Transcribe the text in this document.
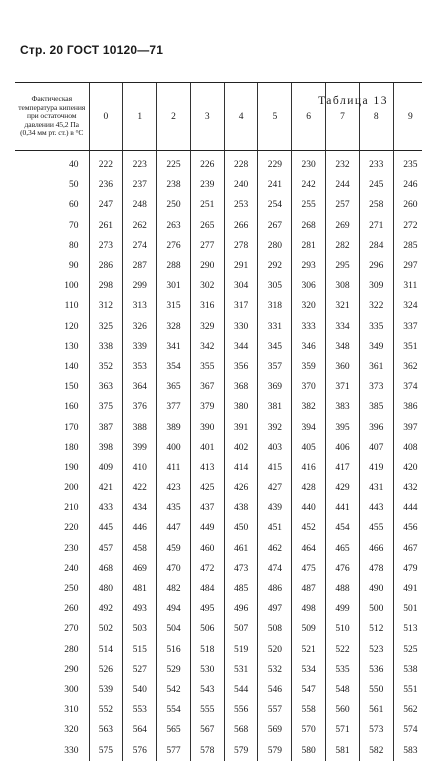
Стр. 20 ГОСТ 10120—71
Фактическая температура кипения при остаточном давлении 45,2 Па (0,34 мм рт. ст.) в °С	0	1	2	3	4	5	6	7	8	9
40	222	223	225	226	228	229	230	232	233	235
50	236	237	238	239	240	241	242	244	245	246
60	247	248	250	251	253	254	255	257	258	260
70	261	262	263	265	266	267	268	269	271	272
80	273	274	276	277	278	280	281	282	284	285
90	286	287	288	290	291	292	293	295	296	297
100	298	299	301	302	304	305	306	308	309	311
110	312	313	315	316	317	318	320	321	322	324
120	325	326	328	329	330	331	333	334	335	337
130	338	339	341	342	344	345	346	348	349	351
140	352	353	354	355	356	357	359	360	361	362
150	363	364	365	367	368	369	370	371	373	374
160	375	376	377	379	380	381	382	383	385	386
170	387	388	389	390	391	392	394	395	396	397
180	398	399	400	401	402	403	405	406	407	408
190	409	410	411	413	414	415	416	417	419	420
200	421	422	423	425	426	427	428	429	431	432
210	433	434	435	437	438	439	440	441	443	444
220	445	446	447	449	450	451	452	454	455	456
230	457	458	459	460	461	462	464	465	466	467
240	468	469	470	472	473	474	475	476	478	479
250	480	481	482	484	485	486	487	488	490	491
260	492	493	494	495	496	497	498	499	500	501
270	502	503	504	506	507	508	509	510	512	513
280	514	515	516	518	519	520	521	522	523	525
290	526	527	529	530	531	532	534	535	536	538
300	539	540	542	543	544	546	547	548	550	551
310	552	553	554	555	556	557	558	560	561	562
320	563	564	565	567	568	569	570	571	573	574
330	575	576	577	578	579	579	580	581	582	583
Таблица 13
